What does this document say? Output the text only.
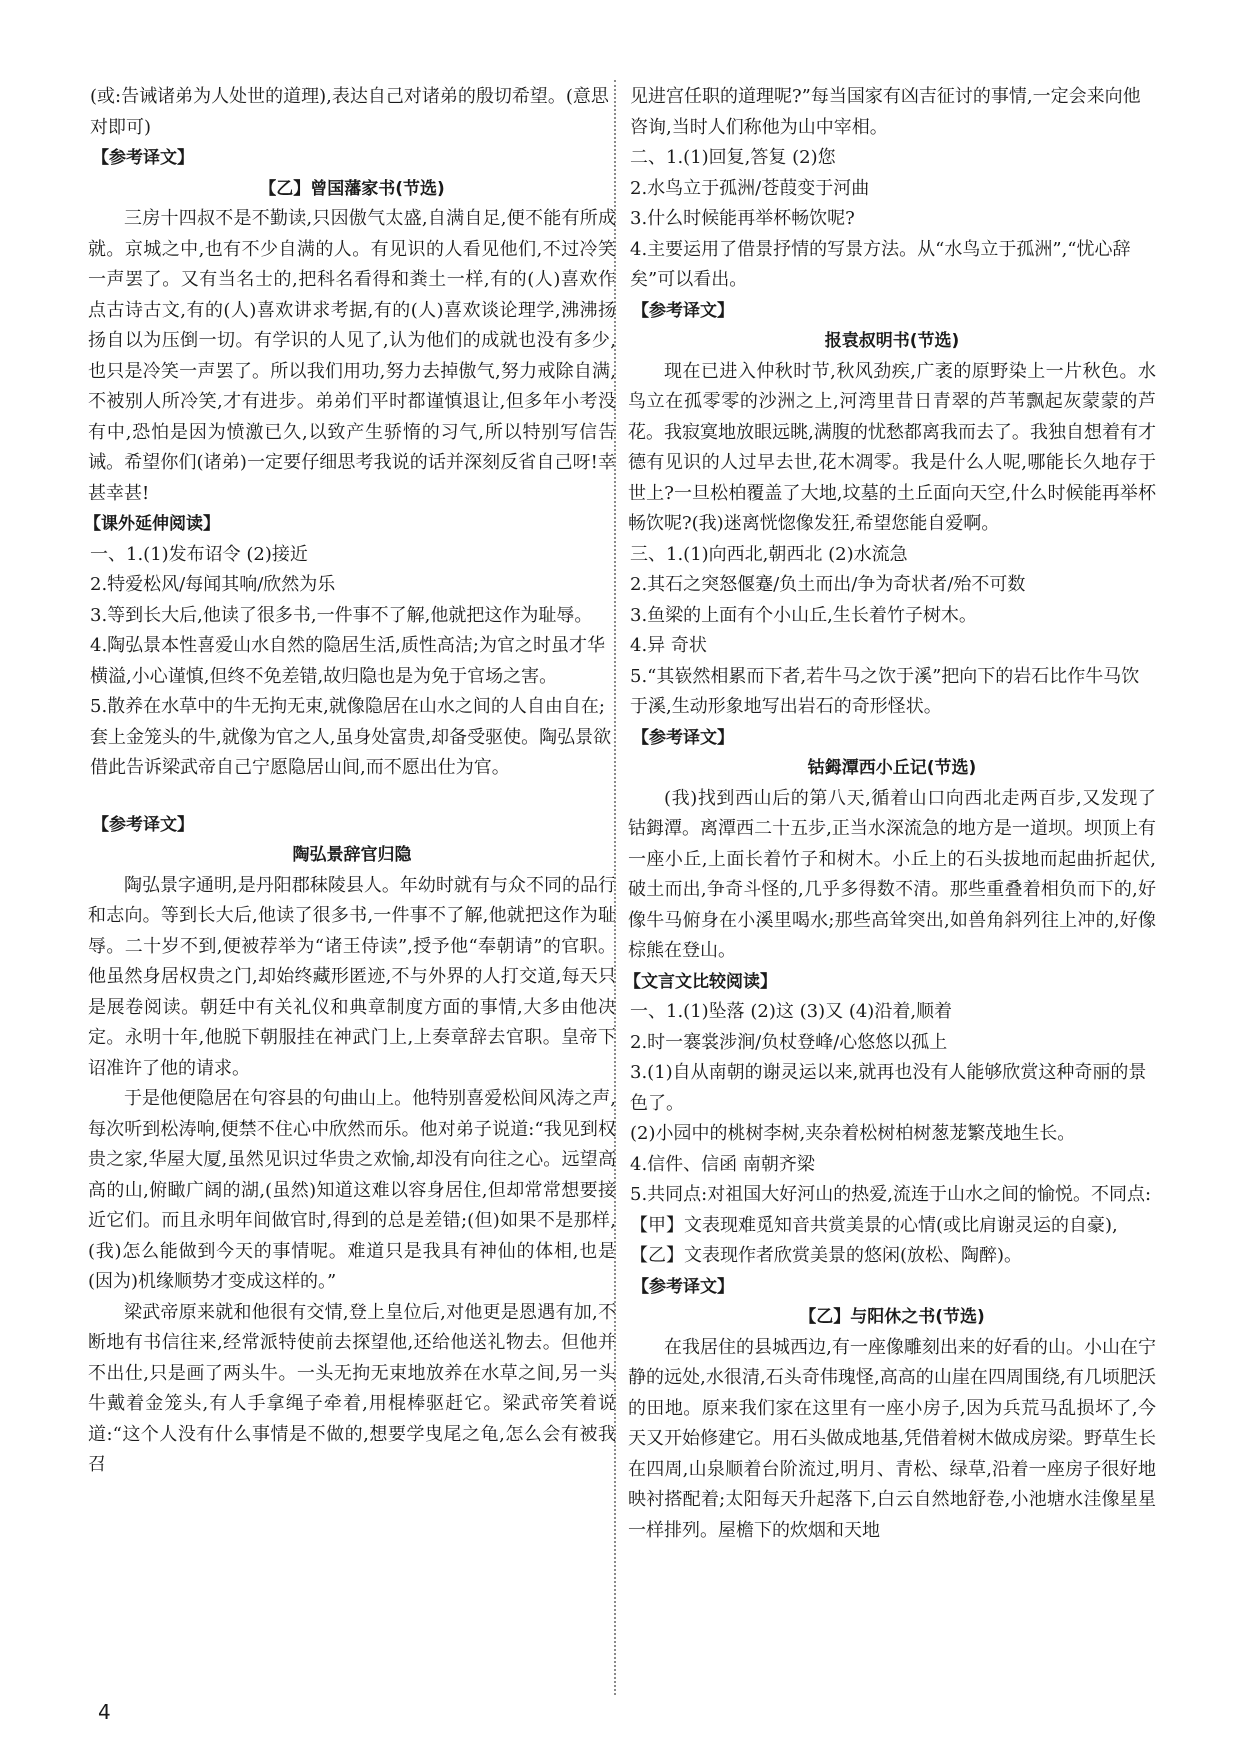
(或:告诫诸弟为人处世的道理),表达自己对诸弟的殷切希望。(意思对即可)

【参考译文】

【乙】曾国藩家书(节选)

三房十四叔不是不勤读,只因傲气太盛,自满自足,便不能有所成就。京城之中,也有不少自满的人。有见识的人看见他们,不过冷笑一声罢了。又有当名士的,把科名看得和粪土一样,有的(人)喜欢作点古诗古文,有的(人)喜欢讲求考据,有的(人)喜欢谈论理学,沸沸扬扬自以为压倒一切。有学识的人见了,认为他们的成就也没有多少,也只是冷笑一声罢了。所以我们用功,努力去掉傲气,努力戒除自满,不被别人所冷笑,才有进步。弟弟们平时都谨慎退让,但多年小考没有中,恐怕是因为愤激已久,以致产生骄惰的习气,所以特别写信告诫。希望你们(诸弟)一定要仔细思考我说的话并深刻反省自己呀!幸甚幸甚!

【课外延伸阅读】

一、1.(1)发布诏令 (2)接近

2.特爱松风/每闻其响/欣然为乐

3.等到长大后,他读了很多书,一件事不了解,他就把这作为耻辱。

4.陶弘景本性喜爱山水自然的隐居生活,质性高洁;为官之时虽才华横溢,小心谨慎,但终不免差错,故归隐也是为免于官场之害。

5.散养在水草中的牛无拘无束,就像隐居在山水之间的人自由自在;套上金笼头的牛,就像为官之人,虽身处富贵,却备受驱使。陶弘景欲借此告诉梁武帝自己宁愿隐居山间,而不愿出仕为官。

【参考译文】

陶弘景辞官归隐

陶弘景字通明,是丹阳郡秣陵县人。年幼时就有与众不同的品行和志向。等到长大后,他读了很多书,一件事不了解,他就把这作为耻辱。二十岁不到,便被荐举为“诸王侍读”,授予他“奉朝请”的官职。他虽然身居权贵之门,却始终藏形匿迹,不与外界的人打交道,每天只是展卷阅读。朝廷中有关礼仪和典章制度方面的事情,大多由他决定。永明十年,他脱下朝服挂在神武门上,上奏章辞去官职。皇帝下诏准许了他的请求。

于是他便隐居在句容县的句曲山上。他特别喜爱松间风涛之声,每次听到松涛响,便禁不住心中欣然而乐。他对弟子说道:“我见到权贵之家,华屋大厦,虽然见识过华贵之欢愉,却没有向往之心。远望高高的山,俯瞰广阔的湖,(虽然)知道这难以容身居住,但却常常想要接近它们。而且永明年间做官时,得到的总是差错;(但)如果不是那样,(我)怎么能做到今天的事情呢。难道只是我具有神仙的体相,也是(因为)机缘顺势才变成这样的。”

梁武帝原来就和他很有交情,登上皇位后,对他更是恩遇有加,不断地有书信往来,经常派特使前去探望他,还给他送礼物去。但他并不出仕,只是画了两头牛。一头无拘无束地放养在水草之间,另一头牛戴着金笼头,有人手拿绳子牵着,用棍棒驱赶它。梁武帝笑着说道:“这个人没有什么事情是不做的,想要学曳尾之龟,怎么会有被我召

见进宫任职的道理呢?”每当国家有凶吉征讨的事情,一定会来向他咨询,当时人们称他为山中宰相。

二、1.(1)回复,答复 (2)您

2.水鸟立于孤洲/苍葭变于河曲

3.什么时候能再举杯畅饮呢?

4.主要运用了借景抒情的写景方法。从“水鸟立于孤洲”,“忧心辞矣”可以看出。

【参考译文】

报袁叔明书(节选)

现在已进入仲秋时节,秋风劲疾,广袤的原野染上一片秋色。水鸟立在孤零零的沙洲之上,河湾里昔日青翠的芦苇飘起灰蒙蒙的芦花。我寂寞地放眼远眺,满腹的忧愁都离我而去了。我独自想着有才德有见识的人过早去世,花木凋零。我是什么人呢,哪能长久地存于世上?一旦松柏覆盖了大地,坟墓的土丘面向天空,什么时候能再举杯畅饮呢?(我)迷离恍惚像发狂,希望您能自爱啊。

三、1.(1)向西北,朝西北 (2)水流急

2.其石之突怒偃蹇/负土而出/争为奇状者/殆不可数

3.鱼梁的上面有个小山丘,生长着竹子树木。

4.异 奇状

5.“其嵚然相累而下者,若牛马之饮于溪”把向下的岩石比作牛马饮于溪,生动形象地写出岩石的奇形怪状。

【参考译文】

钴鉧潭西小丘记(节选)

(我)找到西山后的第八天,循着山口向西北走两百步,又发现了钴鉧潭。离潭西二十五步,正当水深流急的地方是一道坝。坝顶上有一座小丘,上面长着竹子和树木。小丘上的石头拔地而起曲折起伏,破土而出,争奇斗怪的,几乎多得数不清。那些重叠着相负而下的,好像牛马俯身在小溪里喝水;那些高耸突出,如兽角斜列往上冲的,好像棕熊在登山。

【文言文比较阅读】

一、1.(1)坠落 (2)这 (3)又 (4)沿着,顺着

2.时一褰裳涉涧/负杖登峰/心悠悠以孤上

3.(1)自从南朝的谢灵运以来,就再也没有人能够欣赏这种奇丽的景色了。

(2)小园中的桃树李树,夹杂着松树柏树葱茏繁茂地生长。

4.信件、信函 南朝齐梁

5.共同点:对祖国大好河山的热爱,流连于山水之间的愉悦。不同点:【甲】文表现难觅知音共赏美景的心情(或比肩谢灵运的自豪),【乙】文表现作者欣赏美景的悠闲(放松、陶醉)。

【参考译文】

【乙】与阳休之书(节选)

在我居住的县城西边,有一座像雕刻出来的好看的山。小山在宁静的远处,水很清,石头奇伟瑰怪,高高的山崖在四周围绕,有几顷肥沃的田地。原来我们家在这里有一座小房子,因为兵荒马乱损坏了,今天又开始修建它。用石头做成地基,凭借着树木做成房梁。野草生长在四周,山泉顺着台阶流过,明月、青松、绿草,沿着一座房子很好地映衬搭配着;太阳每天升起落下,白云自然地舒卷,小池塘水洼像星星一样排列。屋檐下的炊烟和天地

4
